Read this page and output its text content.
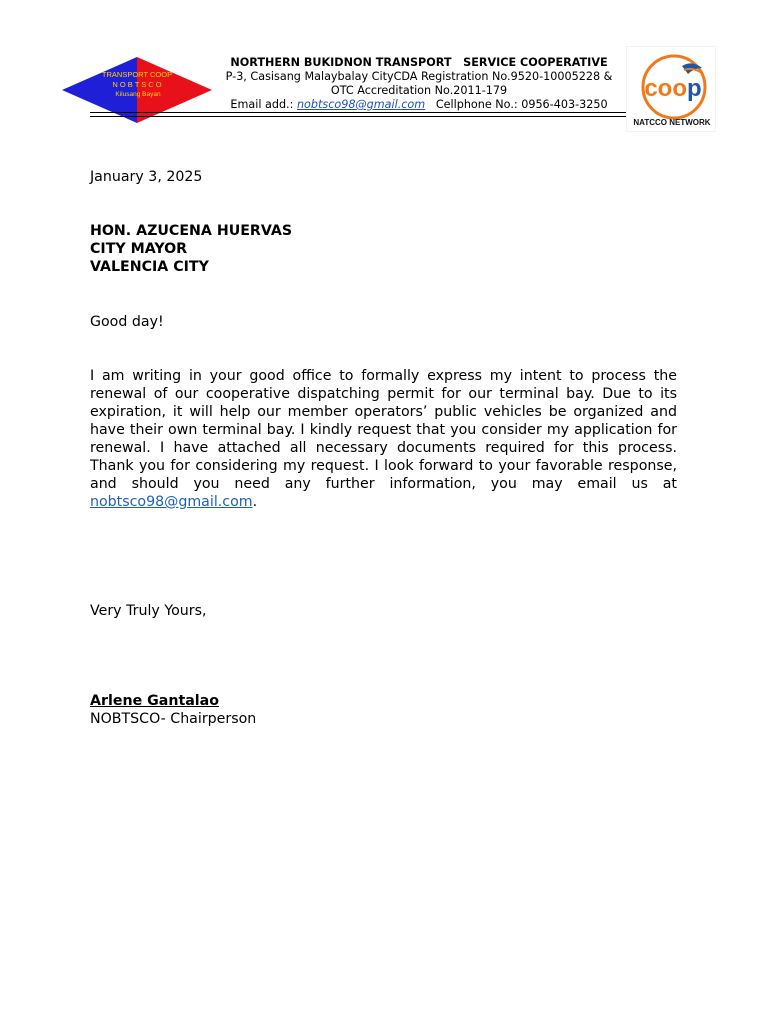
TRANSPORT COOP
N O B T S C O
Kilusang Bayan
NORTHERN BUKIDNON TRANSPORT   SERVICE COOPERATIVE
P-3, Casisang Malaybalay CityCDA Registration No.9520-10005228 &
OTC Accreditation No.2011-179
Email add.: nobtsco98@gmail.com Cellphone No.: 0956-403-3250
coop
NATCCO NETWORK
January 3, 2025
HON. AZUCENA HUERVAS
CITY MAYOR
VALENCIA CITY
Good day!
I am writing in your good office to formally express my intent to process the renewal of our cooperative dispatching permit for our terminal bay. Due to its expiration, it will help our member operators’ public vehicles be organized and have their own terminal bay. I kindly request that you consider my application for renewal. I have attached all necessary documents required for this process. Thank you for considering my request. I look forward to your favorable response, and should you need any further information, you may email us at nobtsco98@gmail.com.
Very Truly Yours,
Arlene Gantalao
NOBTSCO- Chairperson
